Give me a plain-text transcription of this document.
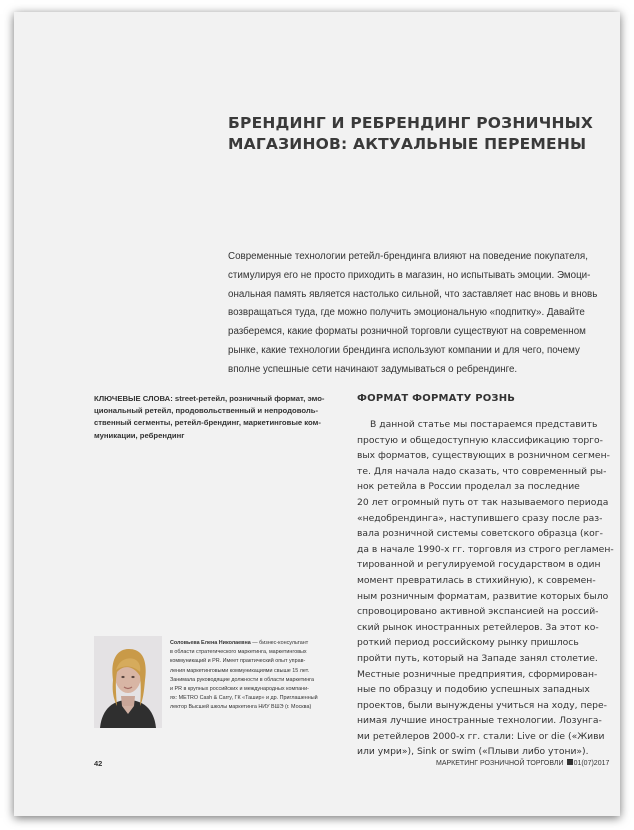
БРЕНДИНГ И РЕБРЕНДИНГ РОЗНИЧНЫХ
МАГАЗИНОВ: АКТУАЛЬНЫЕ ПЕРЕМЕНЫ

Современные технологии ретейл-брендинга влияют на поведение покупателя,
стимулируя его не просто приходить в магазин, но испытывать эмоции. Эмоци-
ональная память является настолько сильной, что заставляет нас вновь и вновь
возвращаться туда, где можно получить эмоциональную «подпитку». Давайте
разберемся, какие форматы розничной торговли существуют на современном
рынке, какие технологии брендинга используют компании и для чего, почему
вполне успешные сети начинают задумываться о ребрендинге.

КЛЮЧЕВЫЕ СЛОВА: street-ретейл, розничный формат, эмо-
циональный ретейл, продовольственный и непродоволь-
ственный сегменты, ретейл-брендинг, маркетинговые ком-
муникации, ребрендинг

ФОРМАТ ФОРМАТУ РОЗНЬ

В данной статье мы постараемся представить
простую и общедоступную классификацию торго-
вых форматов, существующих в розничном сегмен-
те. Для начала надо сказать, что современный ры-
нок ретейла в России проделал за последние
20 лет огромный путь от так называемого периода
«недобрендинга», наступившего сразу после раз-
вала розничной системы советского образца (ког-
да в начале 1990-х гг. торговля из строго регламен-
тированной и регулируемой государством в один
момент превратилась в стихийную), к современ-
ным розничным форматам, развитие которых было
спровоцировано активной экспансией на россий-
ский рынок иностранных ретейлеров. За этот ко-
роткий период российскому рынку пришлось
пройти путь, который на Западе занял столетие.
Местные розничные предприятия, сформирован-
ные по образцу и подобию успешных западных
проектов, были вынуждены учиться на ходу, пере-
нимая лучшие иностранные технологии. Лозунга-
ми ретейлеров 2000-х гг. стали: Live or die («Живи
или умри»), Sink or swim («Плыви либо утони»).

Соловьева Елена Николаевна — бизнес-консультант
в области стратегического маркетинга, маркетинговых
коммуникаций и PR. Имеет практический опыт управ-
ления маркетинговыми коммуникациями свыше 15 лет.
Занимала руководящие должности в области маркетинга
и PR в крупных российских и международных компани-
ях: METRO Cash & Carry, ГК «Ташир» и др. Приглашенный
лектор Высшей школы маркетинга НИУ ВШЭ (г. Москва)

42	МАРКЕТИНГ РОЗНИЧНОЙ ТОРГОВЛИ 01(07)2017
